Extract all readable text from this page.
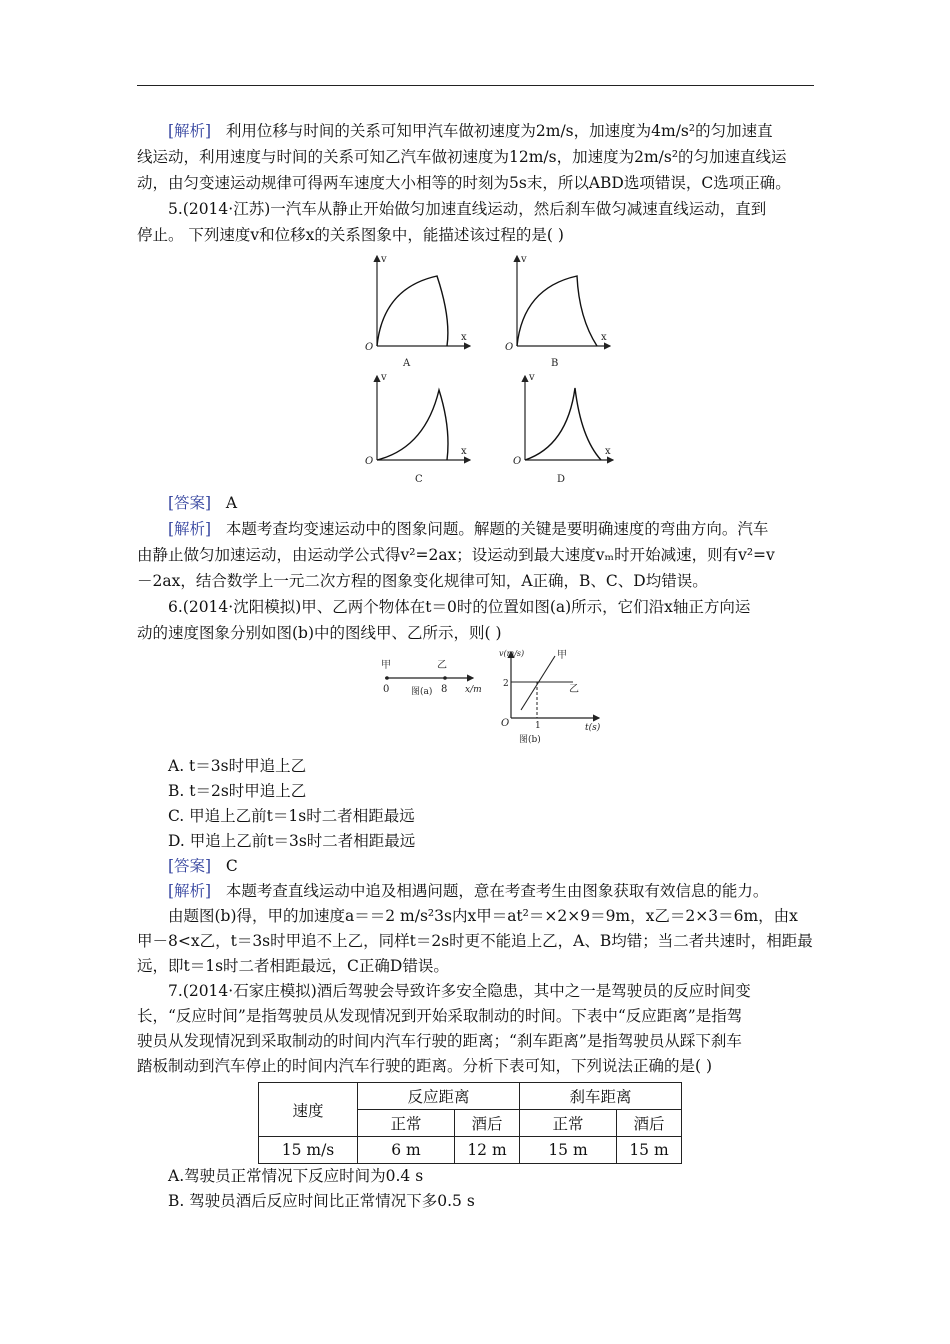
[解析] 利用位移与时间的关系可知甲汽车做初速度为2m/s，加速度为4m/s²的匀加速直
线运动，利用速度与时间的关系可知乙汽车做初速度为12m/s，加速度为2m/s²的匀加速直线运
动，由匀变速运动规律可得两车速度大小相等的时刻为5s末，所以ABD选项错误，C选项正确。
5.(2014·江苏)一汽车从静止开始做匀加速直线运动，然后刹车做匀减速直线运动，直到
停止。 下列速度v和位移x的关系图象中，能描述该过程的是( )
v
x
O
A
v
x
O
B
v
x
O
C
v
x
O
D
[答案] A
[解析] 本题考查均变速运动中的图象问题。解题的关键是要明确速度的弯曲方向。汽车
由静止做匀加速运动，由运动学公式得v²=2ax；设运动到最大速度vₘ时开始减速，则有v²=v
－2ax，结合数学上一元二次方程的图象变化规律可知，A正确，B、C、D均错误。
6.(2014·沈阳模拟)甲、乙两个物体在t＝0时的位置如图(a)所示，它们沿x轴正方向运
动的速度图象分别如图(b)中的图线甲、乙所示，则( )
甲	乙
0	8 x/m
图(a)
v(m/s)	甲
乙
2
1
O	t(s)
图(b)
A. t＝3s时甲追上乙
B. t＝2s时甲追上乙
C. 甲追上乙前t＝1s时二者相距最远
D. 甲追上乙前t＝3s时二者相距最远
[答案] C
[解析] 本题考查直线运动中追及相遇问题，意在考查考生由图象获取有效信息的能力。
由题图(b)得，甲的加速度a＝＝2 m/s²3s内x甲＝at²＝×2×9＝9m，x乙＝2×3＝6m，由x
甲－8<x乙，t＝3s时甲追不上乙，同样t＝2s时更不能追上乙，A、B均错；当二者共速时，相距最
远，即t＝1s时二者相距最远，C正确D错误。
7.(2014·石家庄模拟)酒后驾驶会导致许多安全隐患，其中之一是驾驶员的反应时间变
长，“反应时间”是指驾驶员从发现情况到开始采取制动的时间。下表中“反应距离”是指驾
驶员从发现情况到采取制动的时间内汽车行驶的距离；“刹车距离”是指驾驶员从踩下刹车
踏板制动到汽车停止的时间内汽车行驶的距离。分析下表可知，下列说法正确的是( )
速度	反应距离		刹车距离	
	正常	酒后	正常	酒后
15 m/s	6 m	12 m	15 m	15 m
A.驾驶员正常情况下反应时间为0.4 s
B. 驾驶员酒后反应时间比正常情况下多0.5 s
